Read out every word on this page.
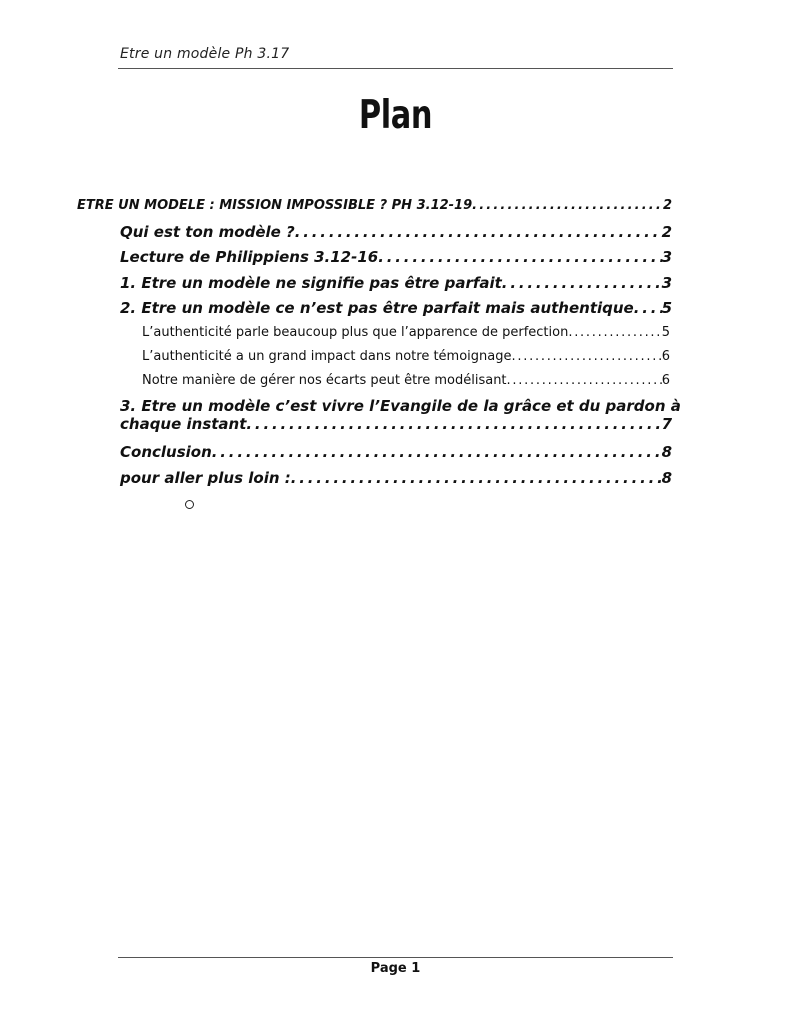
Etre un modèle Ph 3.17
Plan
ETRE UN MODELE : MISSION IMPOSSIBLE ? PH 3.12-19 . . .	2
Qui est ton modèle ? . . .	2
Lecture de Philippiens 3.12-16 . . .	3
1. Etre un modèle ne signifie pas être parfait . . .	3
2. Etre un modèle ce n’est pas être parfait mais authentique . . . 5
L’authenticité parle beaucoup plus que l’apparence de perfection . . .	5
L’authenticité a un grand impact dans notre témoignage . . .	6
Notre manière de gérer nos écarts peut être modélisant . . .	6
3. Etre un modèle c’est vivre l’Evangile de la grâce et du pardon à
chaque instant . . .	7
Conclusion . . .	8
pour aller plus loin : . . .	8
Page 1
